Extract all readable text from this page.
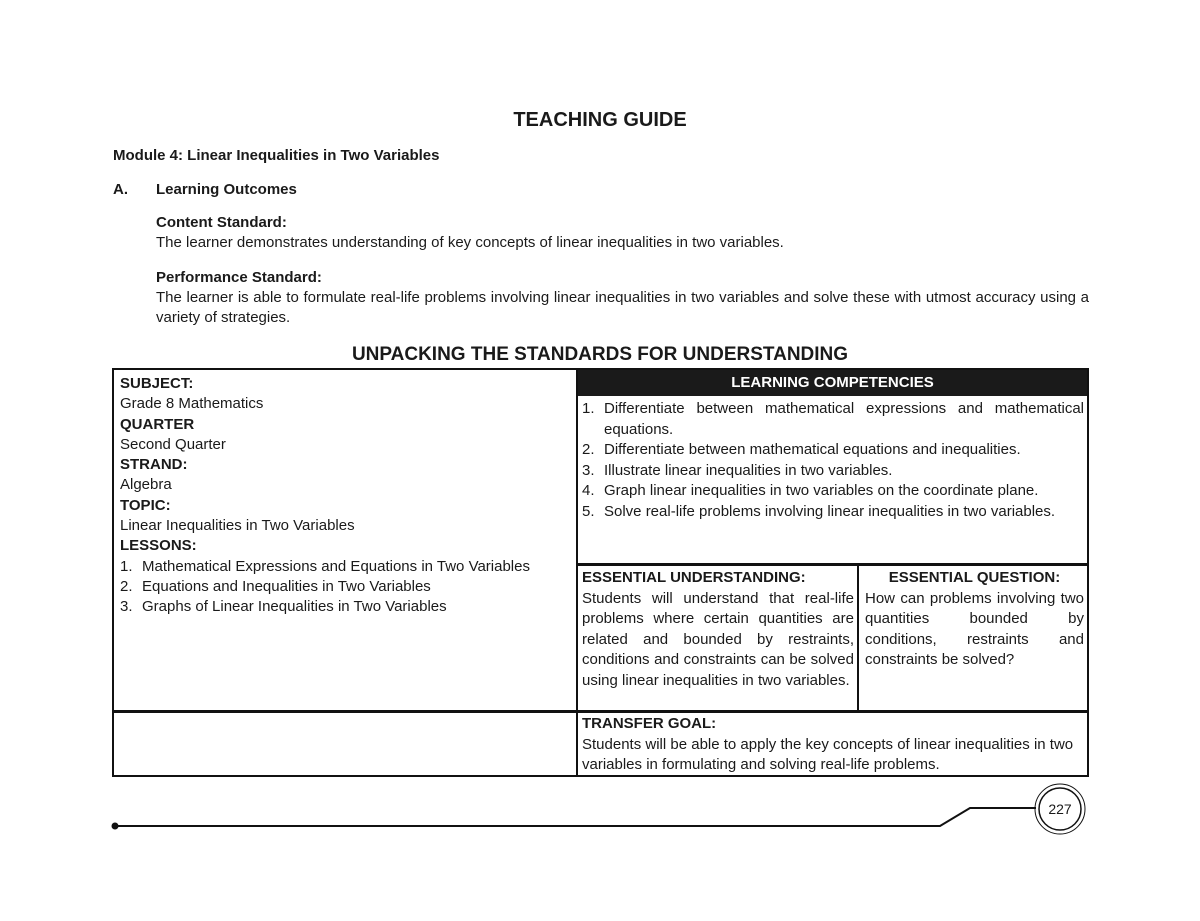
TEACHING GUIDE
Module 4: Linear Inequalities in Two Variables
A. Learning Outcomes
Content Standard:
The learner demonstrates understanding of key concepts of linear inequalities in two variables.
Performance Standard:
The learner is able to formulate real-life problems involving linear inequalities in two variables and solve these with utmost accuracy using a variety of strategies.
UNPACKING THE STANDARDS FOR UNDERSTANDING
SUBJECT:
Grade 8 Mathematics
QUARTER
Second Quarter
STRAND:
Algebra
TOPIC:
Linear Inequalities in Two Variables
LESSONS:
1. Mathematical Expressions and Equations in Two Variables
2. Equations and Inequalities in Two Variables
3. Graphs of Linear Inequalities in Two Variables
LEARNING COMPETENCIES
1. Differentiate between mathematical expressions and mathematical equations.
2. Differentiate between mathematical equations and inequalities.
3. Illustrate linear inequalities in two variables.
4. Graph linear inequalities in two variables on the coordinate plane.
5. Solve real-life problems involving linear inequalities in two variables.
ESSENTIAL UNDERSTANDING:
Students will understand that real-life problems where certain quantities are related and bounded by restraints, conditions and constraints can be solved using linear inequalities in two variables.
ESSENTIAL QUESTION:
How can problems involving two quantities bounded by conditions, restraints and constraints be solved?
TRANSFER GOAL:
Students will be able to apply the key concepts of linear inequalities in two variables in formulating and solving real-life problems.
227
